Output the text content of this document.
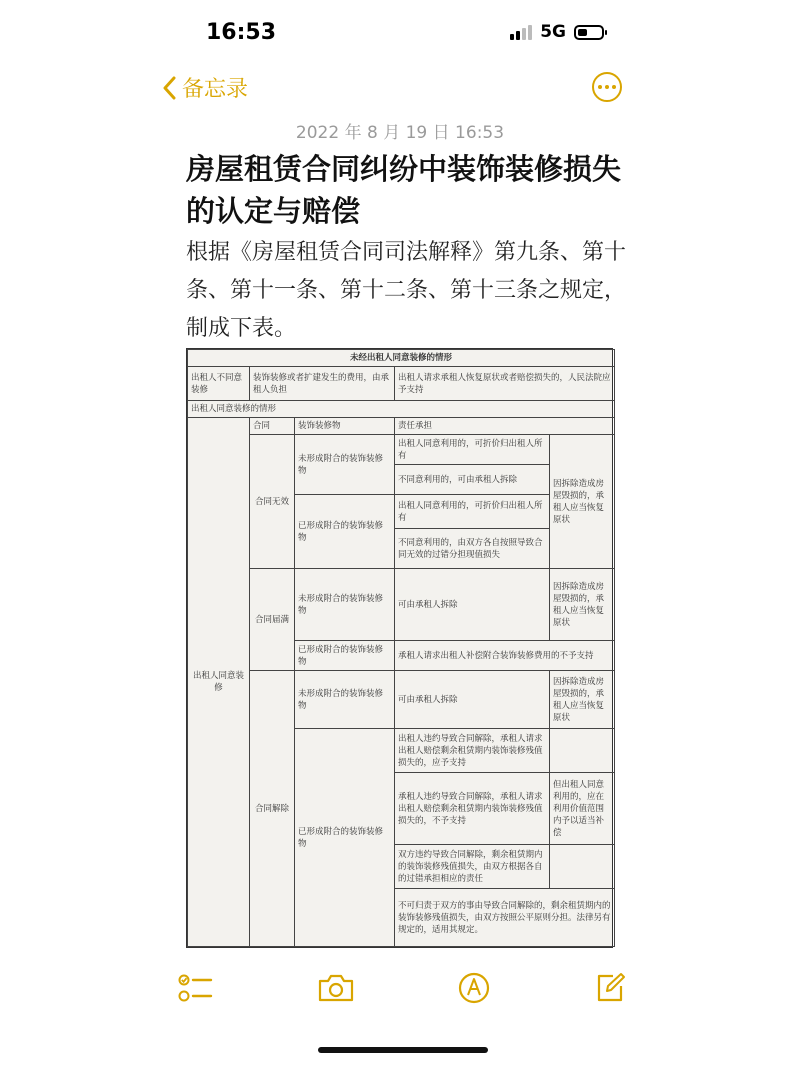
16:53	5G
备忘录
2022 年 8 月 19 日 16:53
房屋租赁合同纠纷中装饰装修损失的认定与赔偿

根据《房屋租赁合同司法解释》第九条、第十条、第十一条、第十二条、第十三条之规定，制成下表。

未经出租人同意装修的情形				
出租人不同意装修	装饰装修或者扩建发生的费用，由承租人负担		出租人请求承租人恢复原状或者赔偿损失的，人民法院应予支持	
出租人同意装修的情形				
出租人同意装修	合同	装饰装修物	责任承担	
	合同无效	未形成附合的装饰装修物	出租人同意利用的，可折价归出租人所有	因拆除造成房屋毁损的，承租人应当恢复原状
			不同意利用的，可由承租人拆除	
		已形成附合的装饰装修物	出租人同意利用的，可折价归出租人所有	
			不同意利用的，由双方各自按照导致合同无效的过错分担现值损失	
	合同届满	未形成附合的装饰装修物	可由承租人拆除	因拆除造成房屋毁损的，承租人应当恢复原状
		已形成附合的装饰装修物	承租人请求出租人补偿附合装饰装修费用的不予支持	
	合同解除	未形成附合的装饰装修物	可由承租人拆除	因拆除造成房屋毁损的，承租人应当恢复原状
		已形成附合的装饰装修物	出租人违约导致合同解除，承租人请求出租人赔偿剩余租赁期内装饰装修残值损失的，应予支持	
			承租人违约导致合同解除，承租人请求出租人赔偿剩余租赁期内装饰装修残值损失的，不予支持	但出租人同意利用的，应在利用价值范围内予以适当补偿
			双方违约导致合同解除，剩余租赁期内的装饰装修残值损失，由双方根据各自的过错承担相应的责任	
			不可归责于双方的事由导致合同解除的，剩余租赁期内的装饰装修残值损失，由双方按照公平原则分担。法律另有规定的，适用其规定。	
